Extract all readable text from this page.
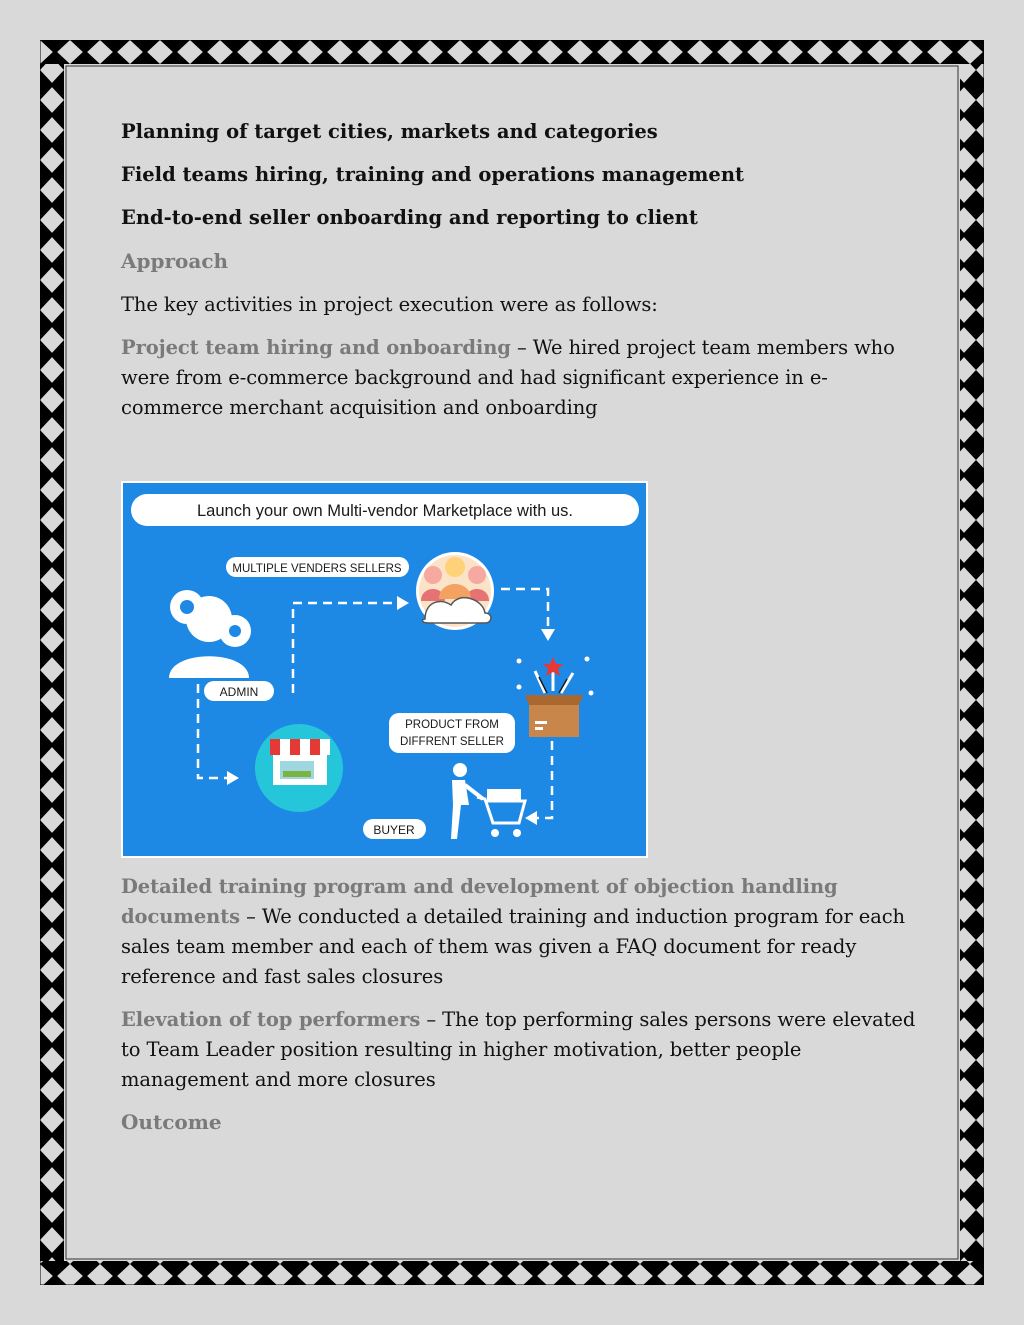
Planning of target cities, markets and categories

Field teams hiring, training and operations management

End-to-end seller onboarding and reporting to client

Approach

The key activities in project execution were as follows:

Project team hiring and onboarding – We hired project team members who were from e-commerce background and had significant experience in e-commerce merchant acquisition and onboarding

Launch your own Multi-vendor Marketplace with us.
MULTIPLE VENDERS SELLERS
ADMIN
PRODUCT FROM
DIFFRENT SELLER
BUYER

Detailed training program and development of objection handling documents – We conducted a detailed training and induction program for each sales team member and each of them was given a FAQ document for ready reference and fast sales closures

Elevation of top performers – The top performing sales persons were elevated to Team Leader position resulting in higher motivation, better people management and more closures

Outcome
